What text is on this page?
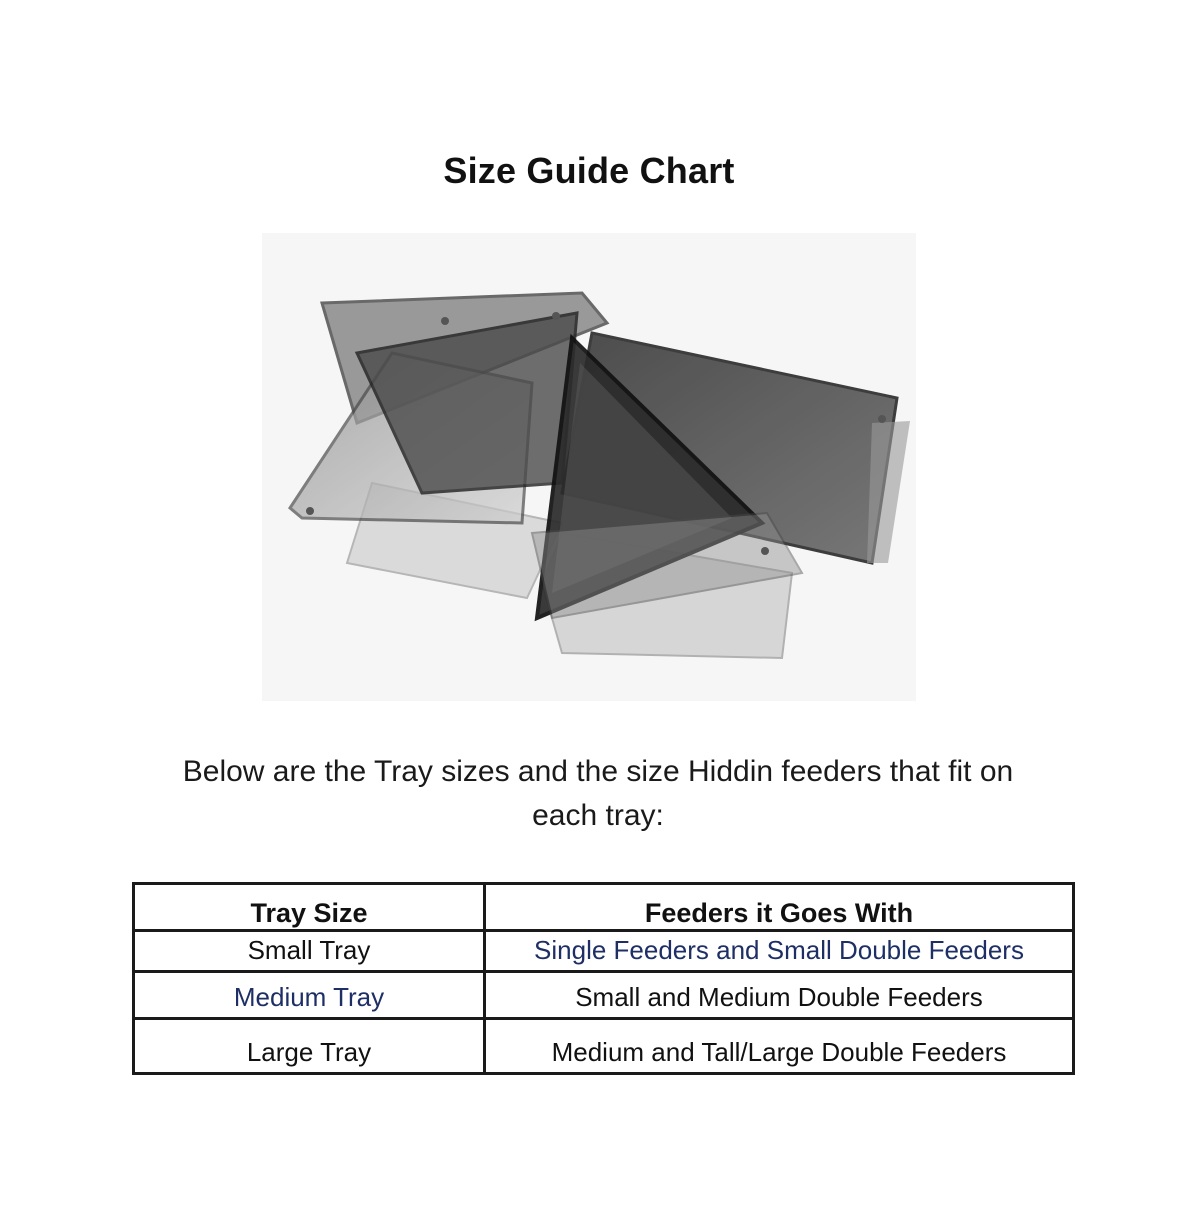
Size Guide Chart
Below are the Tray sizes and the size Hiddin feeders that fit on each tray:
Tray Size	Feeders it Goes With
Small Tray	Single Feeders and Small Double Feeders
Medium Tray	Small and Medium Double Feeders
Large Tray	Medium and Tall/Large Double Feeders
